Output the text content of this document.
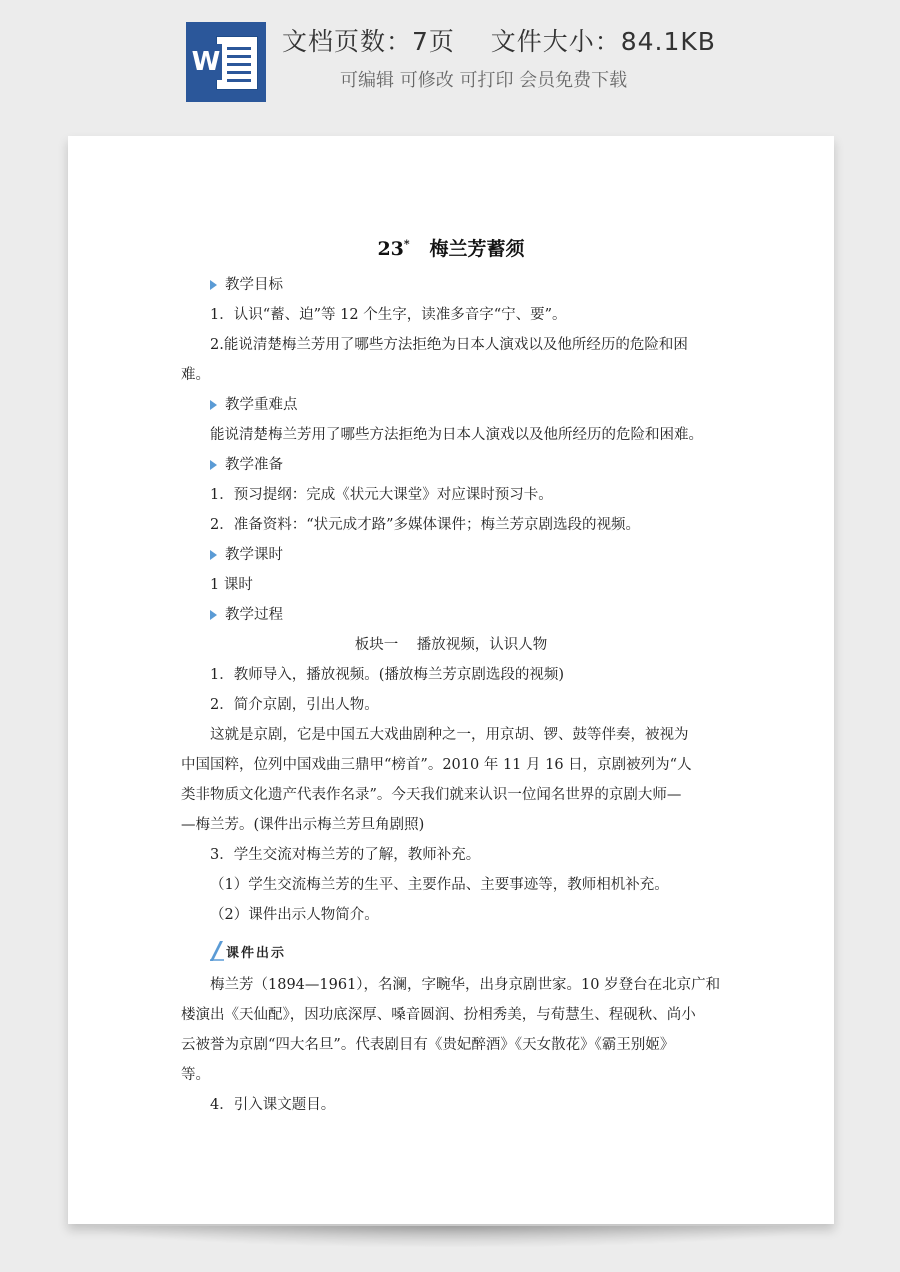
W
文档页数：7页    文件大小：84.1KB
可编辑 可修改 可打印 会员免费下载
23* 梅兰芳蓄须
教学目标
1．认识“蓄、迫”等 12 个生字，读准多音字“宁、要”。
2.能说清楚梅兰芳用了哪些方法拒绝为日本人演戏以及他所经历的危险和困
难。
教学重难点
能说清楚梅兰芳用了哪些方法拒绝为日本人演戏以及他所经历的危险和困难。
教学准备
1．预习提纲：完成《状元大课堂》对应课时预习卡。
2．准备资料：“状元成才路”多媒体课件；梅兰芳京剧选段的视频。
教学课时
1 课时
教学过程
板块一    播放视频，认识人物
1．教师导入，播放视频。(播放梅兰芳京剧选段的视频)
2．简介京剧，引出人物。
这就是京剧，它是中国五大戏曲剧种之一，用京胡、锣、鼓等伴奏，被视为
中国国粹，位列中国戏曲三鼎甲“榜首”。2010 年 11 月 16 日，京剧被列为“人
类非物质文化遗产代表作名录”。今天我们就来认识一位闻名世界的京剧大师—
—梅兰芳。(课件出示梅兰芳旦角剧照)
3．学生交流对梅兰芳的了解，教师补充。
（1）学生交流梅兰芳的生平、主要作品、主要事迹等，教师相机补充。
（2）课件出示人物简介。
课件出示
梅兰芳（1894—1961），名澜，字畹华，出身京剧世家。10 岁登台在北京广和
楼演出《天仙配》，因功底深厚、嗓音圆润、扮相秀美，与荀慧生、程砚秋、尚小
云被誉为京剧“四大名旦”。代表剧目有《贵妃醉酒》《天女散花》《霸王别姬》
等。
4．引入课文题目。
